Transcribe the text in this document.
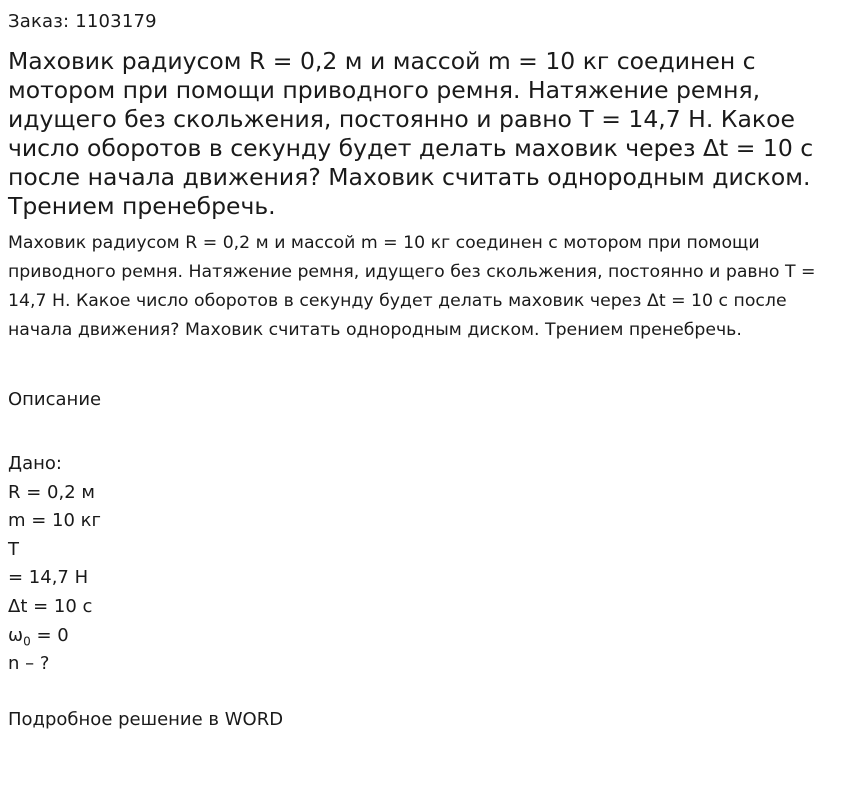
Заказ: 1103179
Маховик радиусом R = 0,2 м и массой m = 10 кг соединен с мотором при помощи приводного ремня. Натяжение ремня, идущего без скольжения, постоянно и равно T = 14,7 Н. Какое число оборотов в секунду будет делать маховик через Δt = 10 с после начала движения? Маховик считать однородным диском. Трением пренебречь.

Маховик радиусом R = 0,2 м и массой m = 10 кг соединен с мотором при помощи приводного ремня. Натяжение ремня, идущего без скольжения, постоянно и равно T = 14,7 Н. Какое число оборотов в секунду будет делать маховик через Δt = 10 с после начала движения? Маховик считать однородным диском. Трением пренебречь.

Описание
Дано:
R = 0,2 м
m = 10 кг
T
= 14,7 Н
Δt = 10 с
$\omega_0 = 0$
n – ?
Подробное решение в WORD
